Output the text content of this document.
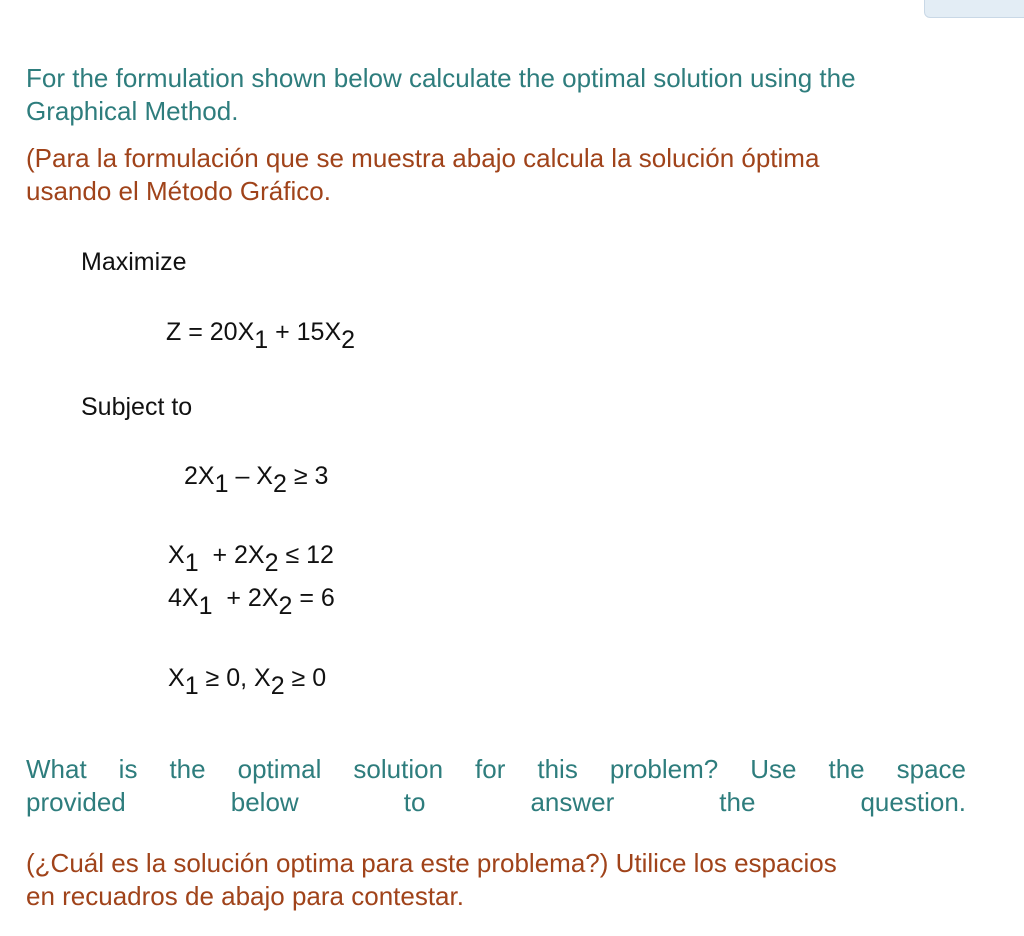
For the formulation shown below calculate the optimal solution using the
Graphical Method.

(Para la formulación que se muestra abajo calcula la solución óptima
usando el Método Gráfico.

Maximize

$Z = 20X_1 + 15X_2$

Subject to

$2X_1 - X_2 \ge 3$

$X_1 + 2X_2 \le 12$

$4X_1 + 2X_2 = 6$

$X_1 \ge 0$, $X_2 \ge 0$

What is the optimal solution for this problem? Use the space
provided below to answer the question.

(¿Cuál es la solución optima para este problema?) Utilice los espacios
en recuadros de abajo para contestar.
